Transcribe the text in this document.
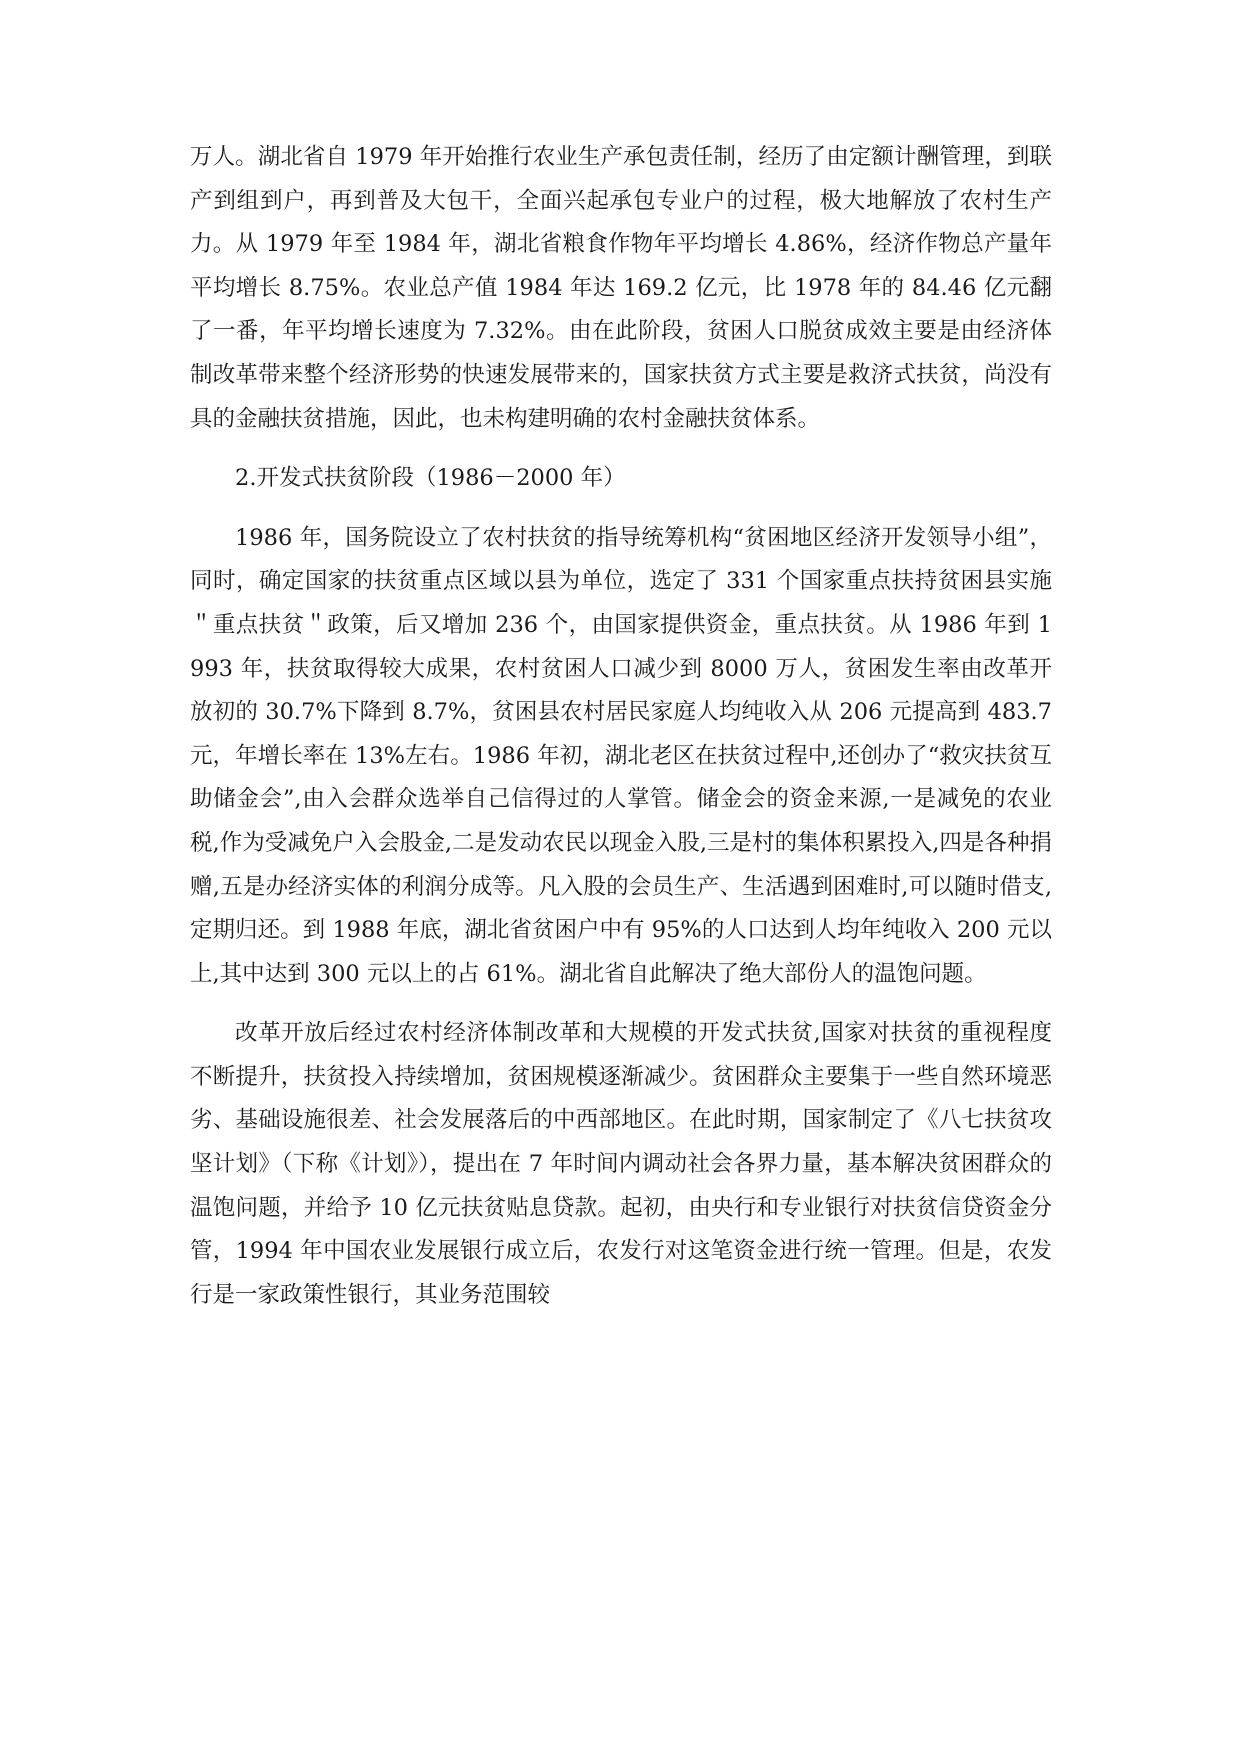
万人。湖北省自 1979 年开始推行农业生产承包责任制，经历了由定额计酬管理，到联产到组到户，再到普及大包干，全面兴起承包专业户的过程，极大地解放了农村生产力。从 1979 年至 1984 年，湖北省粮食作物年平均增长 4.86%，经济作物总产量年平均增长 8.75%。农业总产值 1984 年达 169.2 亿元，比 1978 年的 84.46 亿元翻了一番，年平均增长速度为 7.32%。由在此阶段，贫困人口脱贫成效主要是由经济体制改革带来整个经济形势的快速发展带来的，国家扶贫方式主要是救济式扶贫，尚没有具的金融扶贫措施，因此，也未构建明确的农村金融扶贫体系。

2.开发式扶贫阶段（1986－2000 年）

1986 年，国务院设立了农村扶贫的指导统筹机构“贫困地区经济开发领导小组”，同时，确定国家的扶贫重点区域以县为单位，选定了 331 个国家重点扶持贫困县实施＂重点扶贫＂政策，后又增加 236 个，由国家提供资金，重点扶贫。从 1986 年到 1993 年，扶贫取得较大成果，农村贫困人口减少到 8000 万人，贫困发生率由改革开放初的 30.7%下降到 8.7%，贫困县农村居民家庭人均纯收入从 206 元提高到 483.7 元，年增长率在 13%左右。1986 年初，湖北老区在扶贫过程中,还创办了“救灾扶贫互助储金会”,由入会群众选举自己信得过的人掌管。储金会的资金来源,一是减免的农业税,作为受减免户入会股金,二是发动农民以现金入股,三是村的集体积累投入,四是各种捐赠,五是办经济实体的利润分成等。凡入股的会员生产、生活遇到困难时,可以随时借支,定期归还。到 1988 年底，湖北省贫困户中有 95%的人口达到人均年纯收入 200 元以上,其中达到 300 元以上的占 61%。湖北省自此解决了绝大部份人的温饱问题。

改革开放后经过农村经济体制改革和大规模的开发式扶贫,国家对扶贫的重视程度不断提升，扶贫投入持续增加，贫困规模逐渐减少。贫困群众主要集于一些自然环境恶劣、基础设施很差、社会发展落后的中西部地区。在此时期，国家制定了《八七扶贫攻坚计划》（下称《计划》），提出在 7 年时间内调动社会各界力量，基本解决贫困群众的温饱问题，并给予 10 亿元扶贫贴息贷款。起初，由央行和专业银行对扶贫信贷资金分管，1994 年中国农业发展银行成立后，农发行对这笔资金进行统一管理。但是，农发行是一家政策性银行，其业务范围较
